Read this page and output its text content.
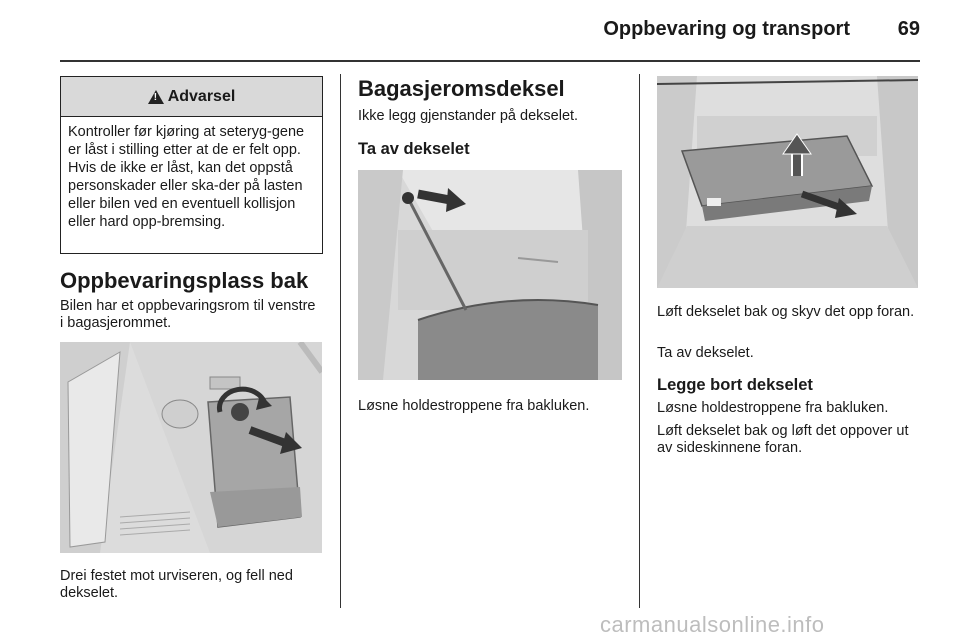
Oppbevaring og transport	69
!
Advarsel
Kontroller før kjøring at seteryg-gene er låst i stilling etter at de er felt opp. Hvis de ikke er låst, kan det oppstå personskader eller ska-der på lasten eller bilen ved en eventuell kollisjon eller hard opp-bremsing.
Oppbevaringsplass bak
Bilen har et oppbevaringsrom til venstre i bagasjerommet.
Drei festet mot urviseren, og fell ned dekselet.
Bagasjeromsdeksel
Ikke legg gjenstander på dekselet.
Ta av dekselet
Løsne holdestroppene fra bakluken.
Løft dekselet bak og skyv det opp foran.
Ta av dekselet.
Legge bort dekselet
Løsne holdestroppene fra bakluken.
Løft dekselet bak og løft det oppover ut av sideskinnene foran.
carmanualsonline.info
